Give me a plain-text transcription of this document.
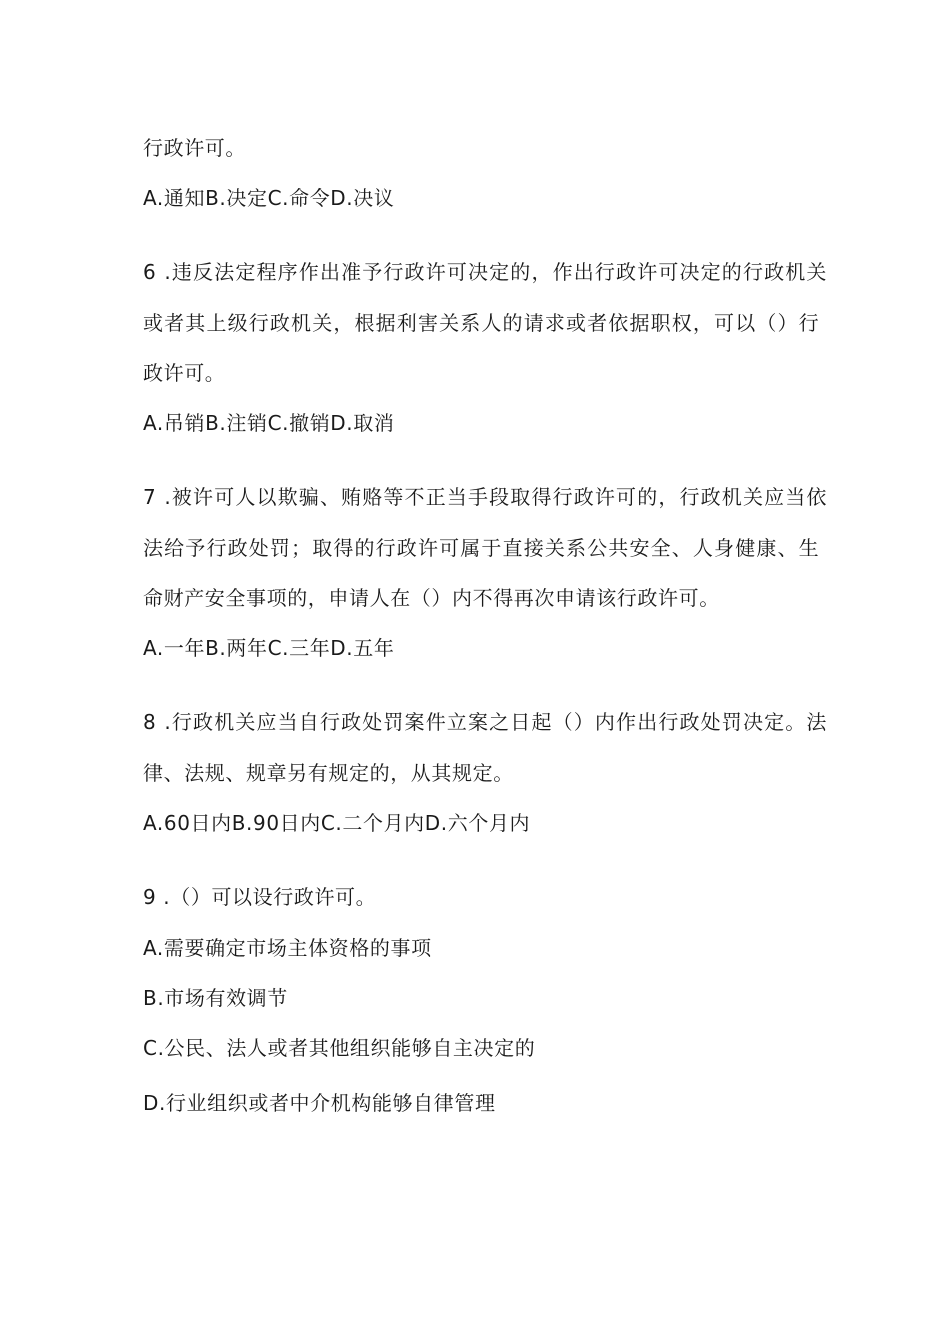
行政许可。
A.通知B.决定C.命令D.决议
6 .违反法定程序作出准予行政许可决定的，作出行政许可决定的行政机关
或者其上级行政机关，根据利害关系人的请求或者依据职权，可以（）行
政许可。
A.吊销B.注销C.撤销D.取消
7 .被许可人以欺骗、贿赂等不正当手段取得行政许可的，行政机关应当依
法给予行政处罚；取得的行政许可属于直接关系公共安全、人身健康、生
命财产安全事项的，申请人在（）内不得再次申请该行政许可。
A.一年B.两年C.三年D.五年
8 .行政机关应当自行政处罚案件立案之日起（）内作出行政处罚决定。法
律、法规、规章另有规定的，从其规定。
A.60日内B.90日内C.二个月内D.六个月内
9 .（）可以设行政许可。
A.需要确定市场主体资格的事项
B.市场有效调节
C.公民、法人或者其他组织能够自主决定的
D.行业组织或者中介机构能够自律管理
